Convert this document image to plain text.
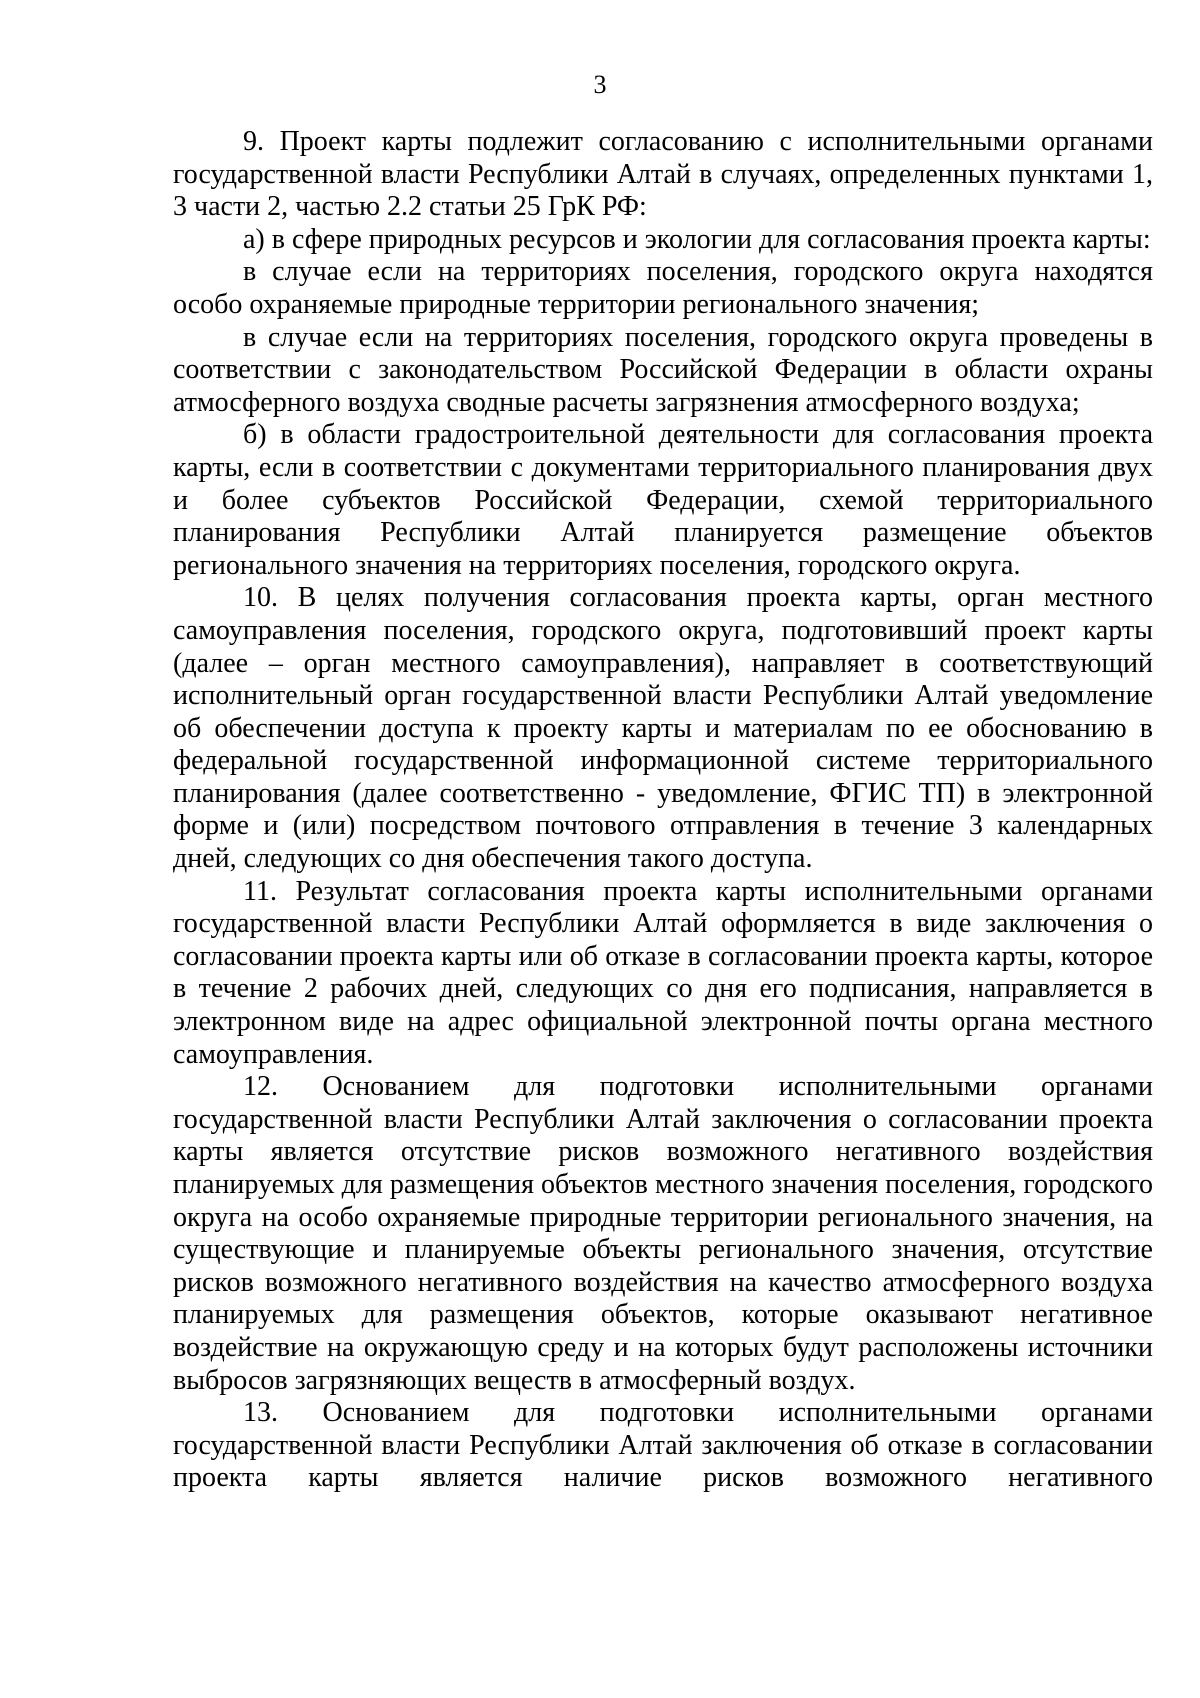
3

9. Проект карты подлежит согласованию с исполнительными органами государственной власти Республики Алтай в случаях, определенных пунктами 1, 3 части 2, частью 2.2 статьи 25 ГрК РФ:

а) в сфере природных ресурсов и экологии для согласования проекта карты:

в случае если на территориях поселения, городского округа находятся особо охраняемые природные территории регионального значения;

в случае если на территориях поселения, городского округа проведены в соответствии с законодательством Российской Федерации в области охраны атмосферного воздуха сводные расчеты загрязнения атмосферного воздуха;

б) в области градостроительной деятельности для согласования проекта карты, если в соответствии с документами территориального планирования двух и более субъектов Российской Федерации, схемой территориального планирования Республики Алтай планируется размещение объектов регионального значения на территориях поселения, городского округа.

10. В целях получения согласования проекта карты, орган местного самоуправления поселения, городского округа, подготовивший проект карты (далее – орган местного самоуправления), направляет в соответствующий исполнительный орган государственной власти Республики Алтай уведомление об обеспечении доступа к проекту карты и материалам по ее обоснованию в федеральной государственной информационной системе территориального планирования (далее соответственно - уведомление, ФГИС ТП) в электронной форме и (или) посредством почтового отправления в течение 3 календарных дней, следующих со дня обеспечения такого доступа.

11. Результат согласования проекта карты исполнительными органами государственной власти Республики Алтай оформляется в виде заключения о согласовании проекта карты или об отказе в согласовании проекта карты, которое в течение 2 рабочих дней, следующих со дня его подписания, направляется в электронном виде на адрес официальной электронной почты органа местного самоуправления.

12. Основанием для подготовки исполнительными органами государственной власти Республики Алтай заключения о согласовании проекта карты является отсутствие рисков возможного негативного воздействия планируемых для размещения объектов местного значения поселения, городского округа на особо охраняемые природные территории регионального значения, на существующие и планируемые объекты регионального значения, отсутствие рисков возможного негативного воздействия на качество атмосферного воздуха планируемых для размещения объектов, которые оказывают негативное воздействие на окружающую среду и на которых будут расположены источники выбросов загрязняющих веществ в атмосферный воздух.

13. Основанием для подготовки исполнительными органами государственной власти Республики Алтай заключения об отказе в согласовании проекта карты является наличие рисков возможного негативного
